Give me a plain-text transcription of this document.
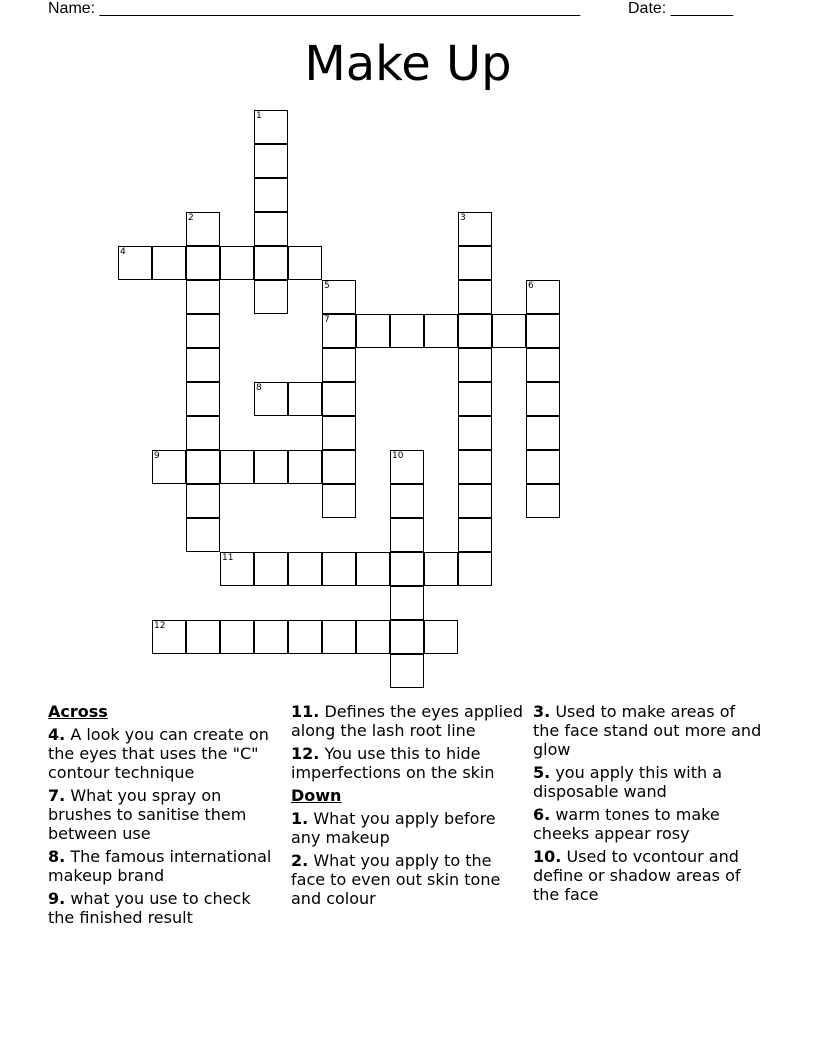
Name: ______________________________________________________	Date: _______
Make Up
1
2	3
4
5
7
6
8
9	10
11
12
Across
4. A look you can create on the eyes that uses the "C" contour technique
7. What you spray on brushes to sanitise them between use
8. The famous international makeup brand
9. what you use to check the finished result
11. Defines the eyes applied along the lash root line
12. You use this to hide imperfections on the skin
Down
1. What you apply before any makeup
2. What you apply to the face to even out skin tone and colour
3. Used to make areas of the face stand out more and glow
5. you apply this with a disposable wand
6. warm tones to make cheeks appear rosy
10. Used to vcontour and define or shadow areas of the face
